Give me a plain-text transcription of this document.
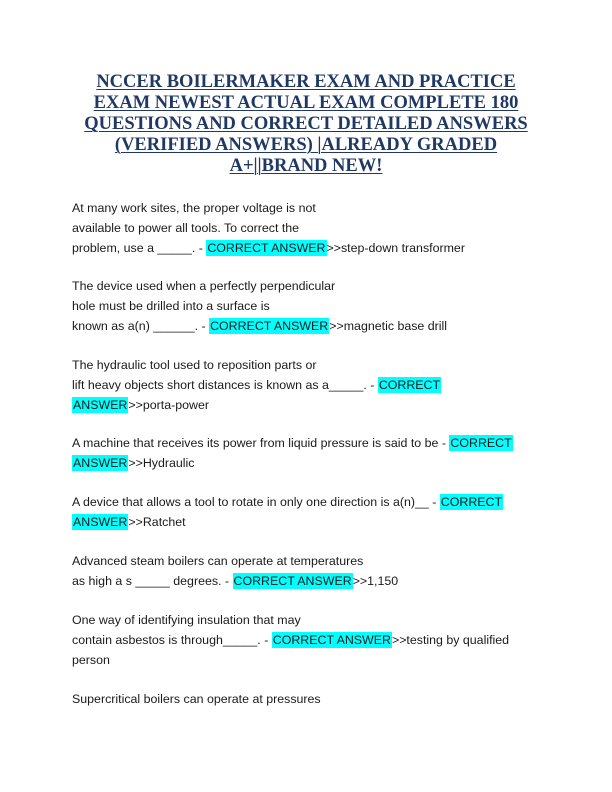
NCCER BOILERMAKER EXAM AND PRACTICE
EXAM NEWEST ACTUAL EXAM COMPLETE 180
QUESTIONS AND CORRECT DETAILED ANSWERS
(VERIFIED ANSWERS) |ALREADY GRADED
A+||BRAND NEW!
At many work sites, the proper voltage is not
available to power all tools. To correct the
problem, use a _____. - CORRECT ANSWER>>step-down transformer
The device used when a perfectly perpendicular
hole must be drilled into a surface is
known as a(n) ______. - CORRECT ANSWER>>magnetic base drill
The hydraulic tool used to reposition parts or
lift heavy objects short distances is known as a_____. - CORRECT
ANSWER>>porta-power
A machine that receives its power from liquid pressure is said to be - CORRECT
ANSWER>>Hydraulic
A device that allows a tool to rotate in only one direction is a(n)__ - CORRECT
ANSWER>>Ratchet
Advanced steam boilers can operate at temperatures
as high a s _____ degrees. - CORRECT ANSWER>>1,150
One way of identifying insulation that may
contain asbestos is through_____. - CORRECT ANSWER>>testing by qualified
person
Supercritical boilers can operate at pressures
